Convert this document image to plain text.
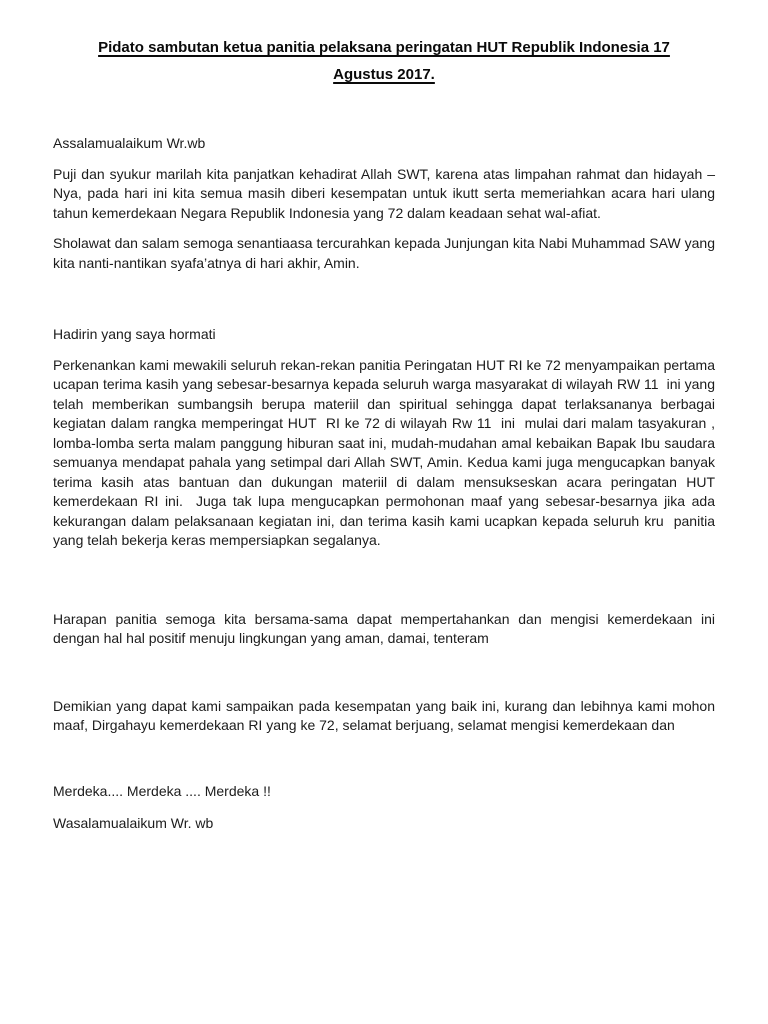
Pidato sambutan ketua panitia pelaksana peringatan HUT Republik Indonesia 17
Agustus 2017.

Assalamualaikum Wr.wb

Puji dan syukur marilah kita panjatkan kehadirat Allah SWT, karena atas limpahan rahmat dan hidayah – Nya, pada hari ini kita semua masih diberi kesempatan untuk ikutt serta memeriahkan acara hari ulang tahun kemerdekaan Negara Republik Indonesia yang 72 dalam keadaan sehat wal-afiat.

Sholawat dan salam semoga senantiaasa tercurahkan kepada Junjungan kita Nabi Muhammad SAW yang kita nanti-nantikan syafa’atnya di hari akhir, Amin.

Hadirin yang saya hormati

Perkenankan kami mewakili seluruh rekan-rekan panitia Peringatan HUT RI ke 72 menyampaikan pertama ucapan terima kasih yang sebesar-besarnya kepada seluruh warga masyarakat di wilayah RW 11  ini yang telah memberikan sumbangsih berupa materiil dan spiritual sehingga dapat terlaksananya berbagai kegiatan dalam rangka memperingat HUT  RI ke 72 di wilayah Rw 11  ini  mulai dari malam tasyakuran , lomba-lomba serta malam panggung hiburan saat ini, mudah-mudahan amal kebaikan Bapak Ibu saudara semuanya mendapat pahala yang setimpal dari Allah SWT, Amin. Kedua kami juga mengucapkan banyak terima kasih atas bantuan dan dukungan materiil di dalam mensukseskan acara peringatan HUT kemerdekaan RI ini.  Juga tak lupa mengucapkan permohonan maaf yang sebesar-besarnya jika ada kekurangan dalam pelaksanaan kegiatan ini, dan terima kasih kami ucapkan kepada seluruh kru  panitia yang telah bekerja keras mempersiapkan segalanya.

Harapan panitia semoga kita bersama-sama dapat mempertahankan dan mengisi kemerdekaan ini dengan hal hal positif menuju lingkungan yang aman, damai, tenteram

Demikian yang dapat kami sampaikan pada kesempatan yang baik ini, kurang dan lebihnya kami mohon maaf, Dirgahayu kemerdekaan RI yang ke 72, selamat berjuang, selamat mengisi kemerdekaan dan

Merdeka.... Merdeka .... Merdeka !!

Wasalamualaikum Wr. wb
